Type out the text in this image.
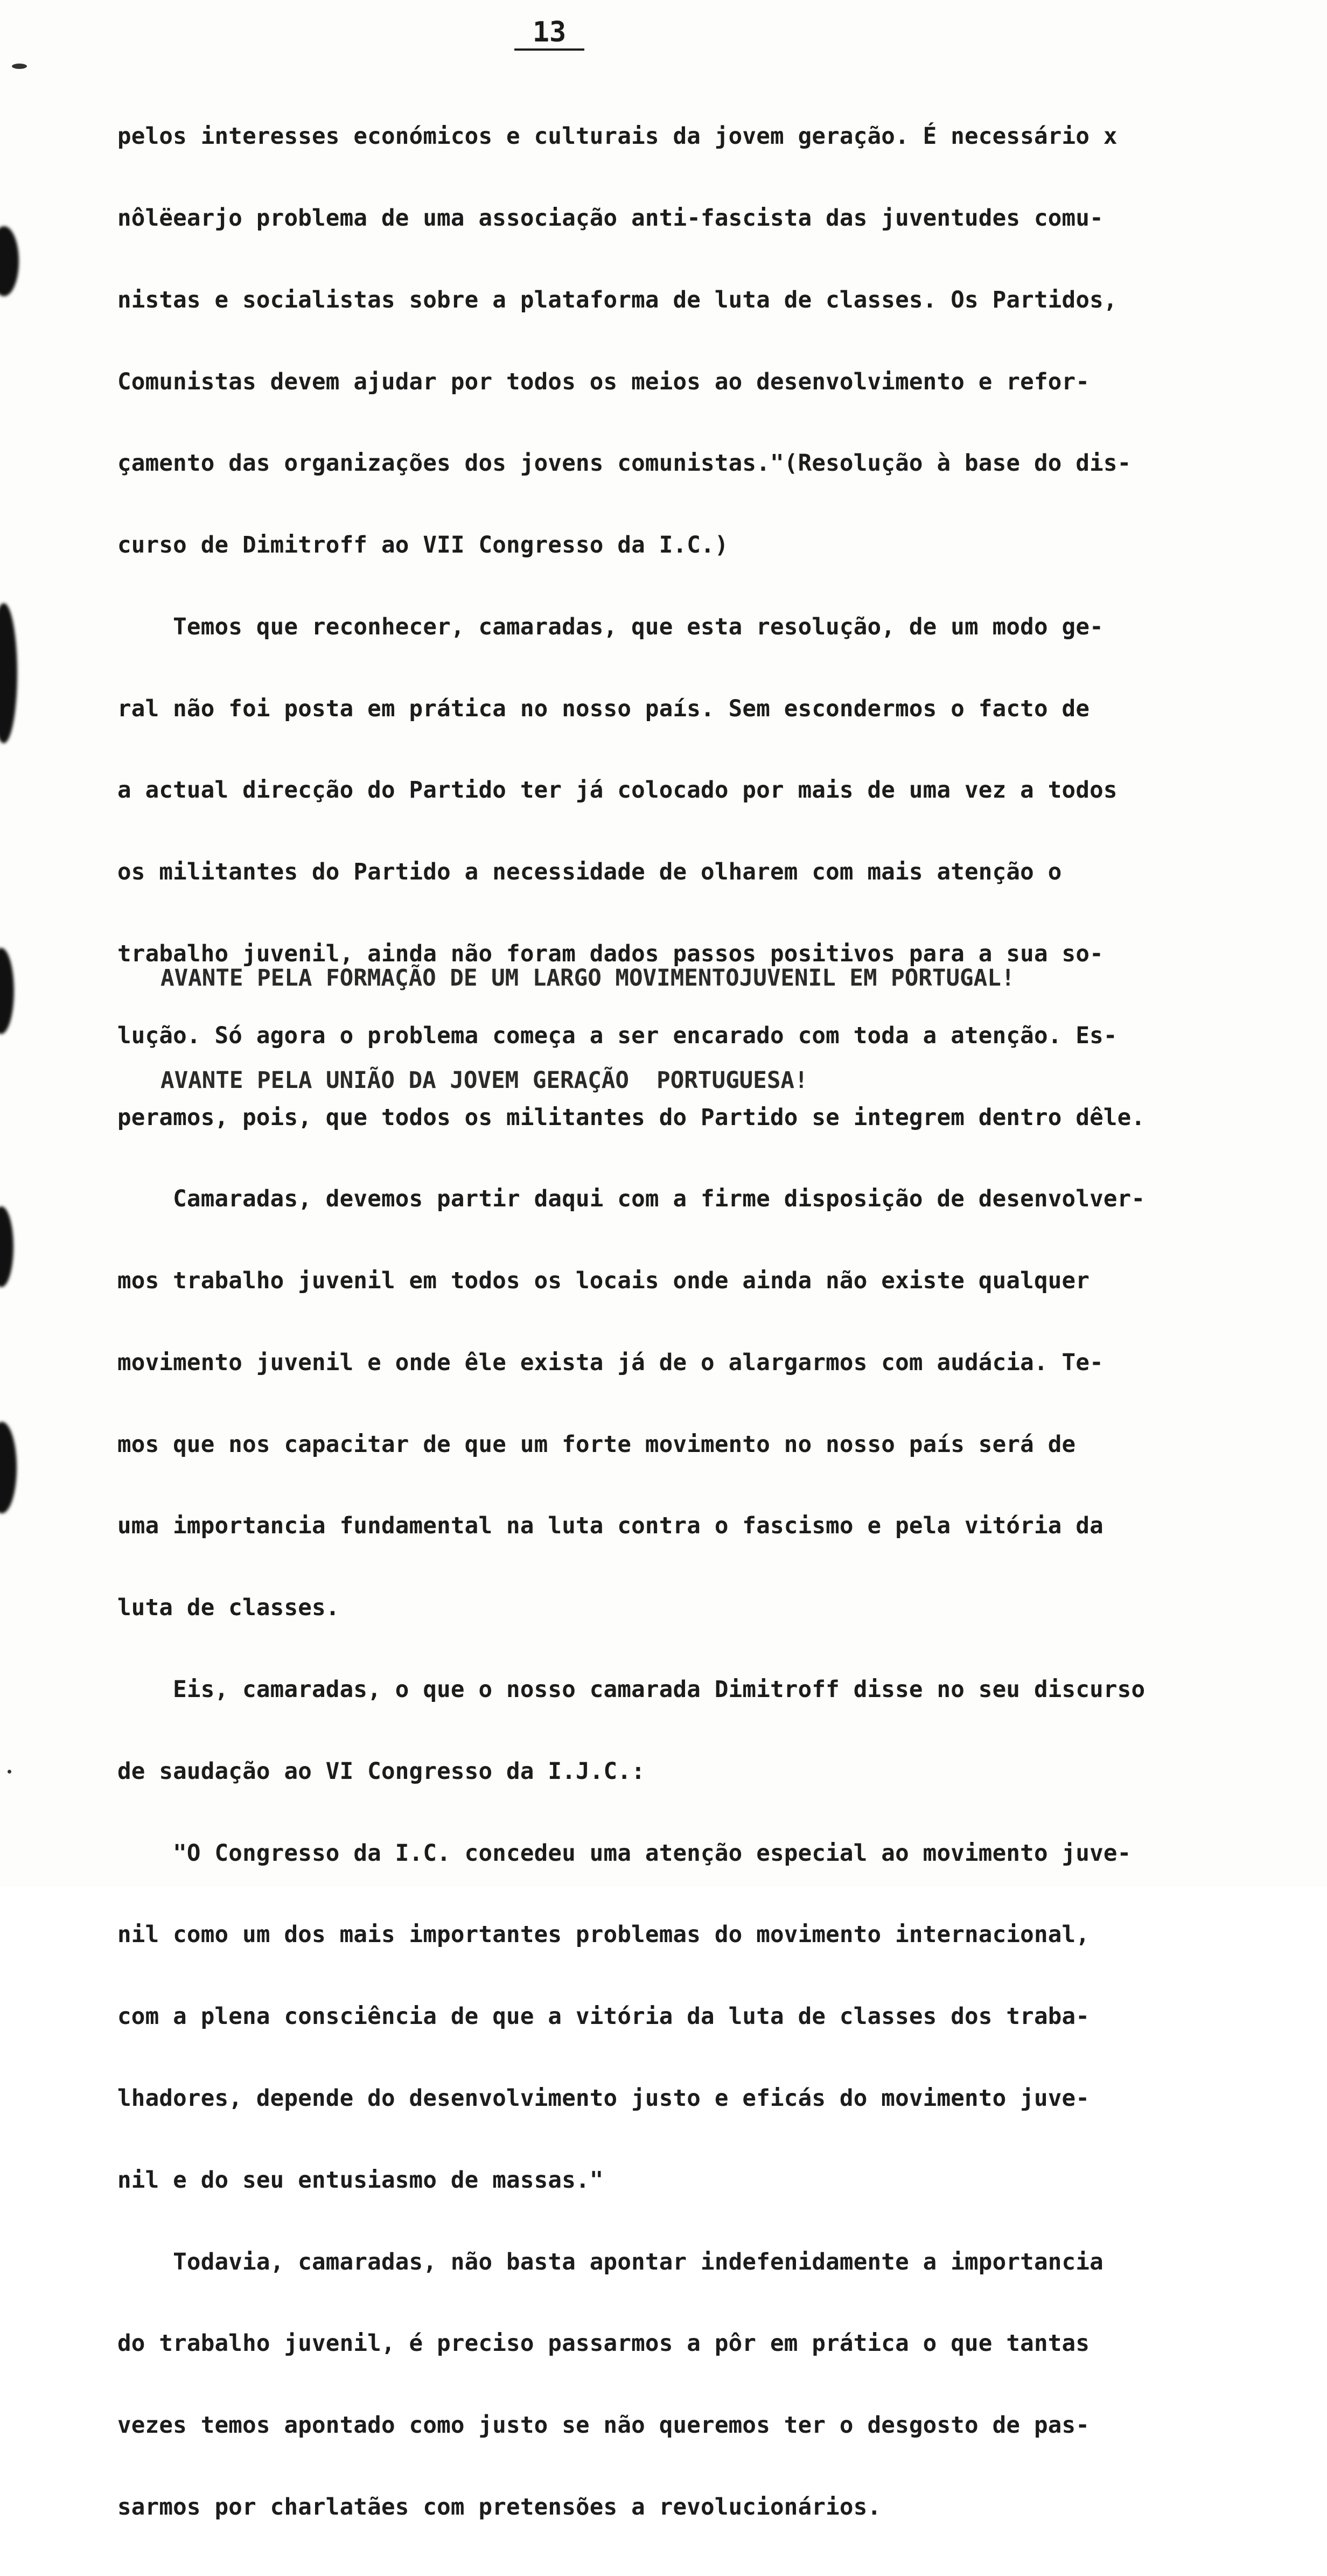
13

pelos interesses económicos e culturais da jovem geração. É necessário x

nôlëearjo problema de uma associação anti-fascista das juventudes comu-

nistas e socialistas sobre a plataforma de luta de classes. Os Partidos,

Comunistas devem ajudar por todos os meios ao desenvolvimento e refor-

çamento das organizações dos jovens comunistas."(Resolução à base do dis-

curso de Dimitroff ao VII Congresso da I.C.)

Temos que reconhecer, camaradas, que esta resolução, de um modo ge-

ral não foi posta em prática no nosso país. Sem escondermos o facto de

a actual direcção do Partido ter já colocado por mais de uma vez a todos

os militantes do Partido a necessidade de olharem com mais atenção o

trabalho juvenil, ainda não foram dados passos positivos para a sua so-

lução. Só agora o problema começa a ser encarado com toda a atenção. Es-

peramos, pois, que todos os militantes do Partido se integrem dentro dêle.

Camaradas, devemos partir daqui com a firme disposição de desenvolver-

mos trabalho juvenil em todos os locais onde ainda não existe qualquer

movimento juvenil e onde êle exista já de o alargarmos com audácia. Te-

mos que nos capacitar de que um forte movimento no nosso país será de

uma importancia fundamental na luta contra o fascismo e pela vitória da

luta de classes.

Eis, camaradas, o que o nosso camarada Dimitroff disse no seu discurso

de saudação ao VI Congresso da I.J.C.:

"O Congresso da I.C. concedeu uma atenção especial ao movimento juve-

nil como um dos mais importantes problemas do movimento internacional,

com a plena consciência de que a vitória da luta de classes dos traba-

lhadores, depende do desenvolvimento justo e eficás do movimento juve-

nil e do seu entusiasmo de massas."

Todavia, camaradas, não basta apontar indefenidamente a importancia

do trabalho juvenil, é preciso passarmos a pôr em prática o que tantas

vezes temos apontado como justo se não queremos ter o desgosto de pas-

sarmos por charlatães com pretensões a revolucionários.

AVANTE PELA FORMAÇÃO DE UM LARGO MOVIMENTOJUVENIL EM PORTUGAL!

AVANTE PELA UNIÃO DA JOVEM GERAÇÃO  PORTUGUESA!
